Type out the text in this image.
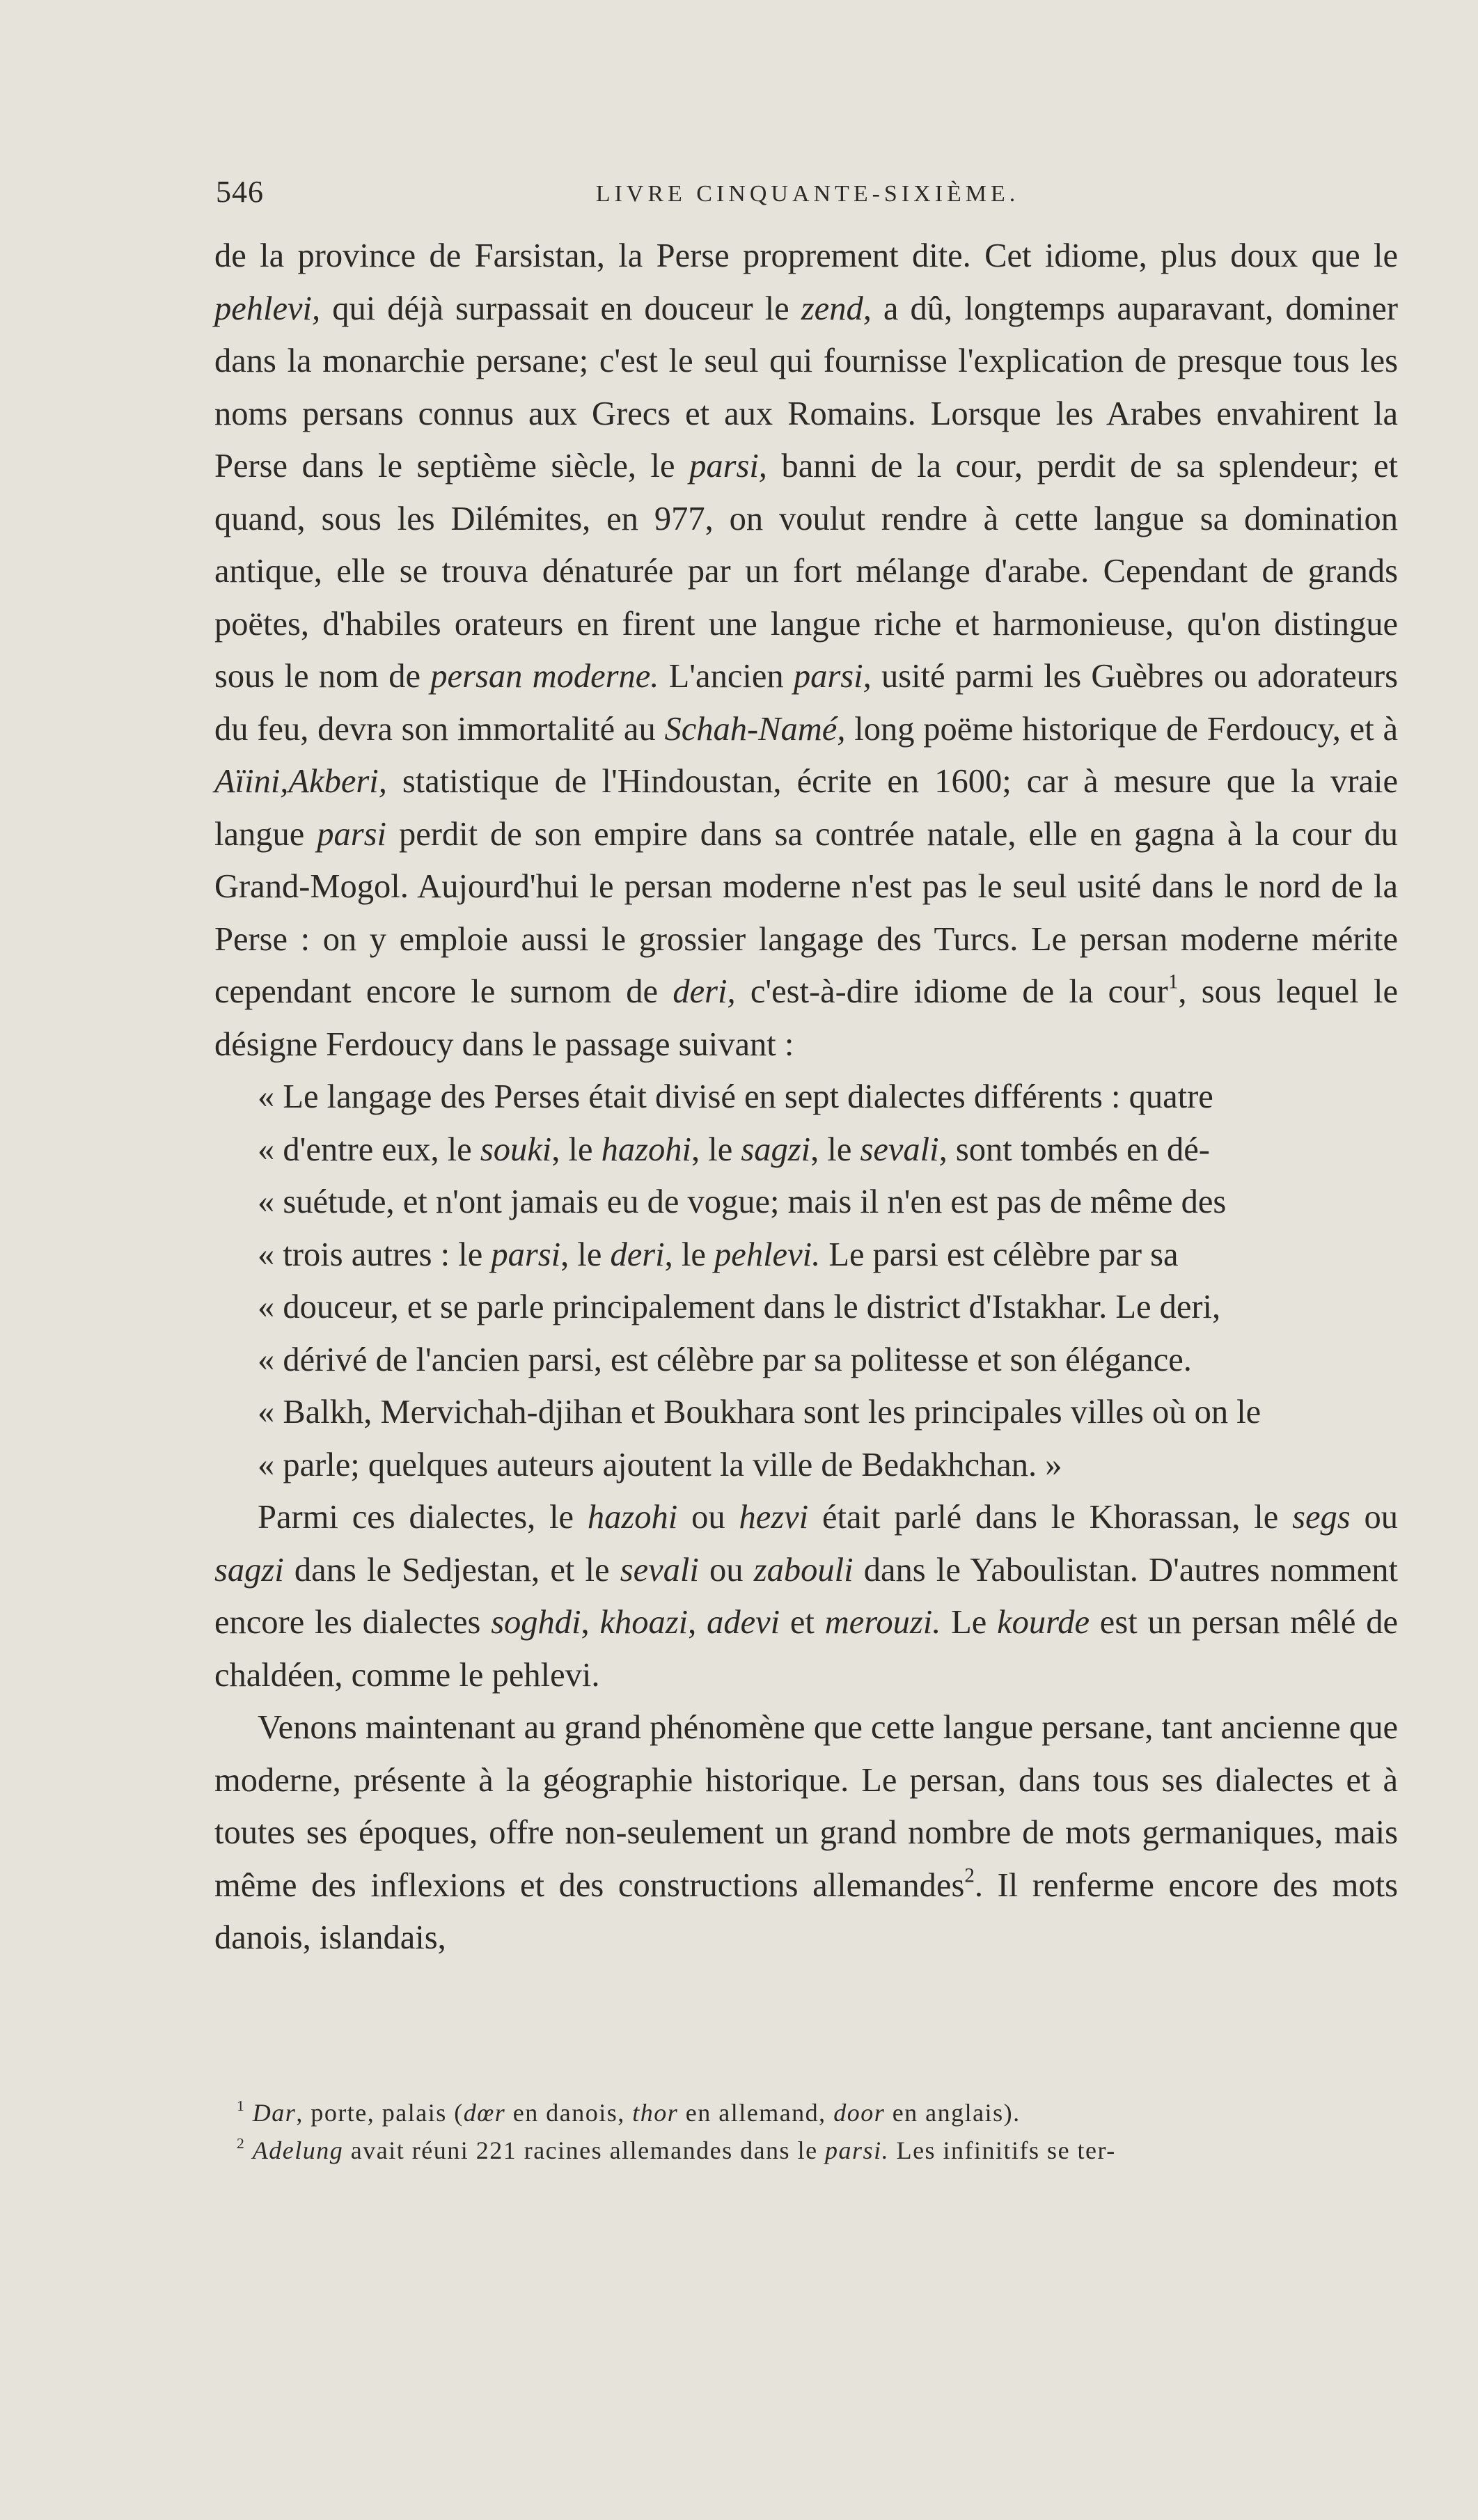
546	LIVRE CINQUANTE-SIXIÈME.

de la province de Farsistan, la Perse proprement dite. Cet idiome, plus doux que le pehlevi, qui déjà surpassait en douceur le zend, a dû, longtemps auparavant, dominer dans la monarchie persane; c'est le seul qui fournisse l'explication de presque tous les noms persans connus aux Grecs et aux Romains. Lorsque les Arabes envahirent la Perse dans le septième siècle, le parsi, banni de la cour, perdit de sa splendeur; et quand, sous les Dilémites, en 977, on voulut rendre à cette langue sa domination antique, elle se trouva dénaturée par un fort mélange d'arabe. Cependant de grands poëtes, d'habiles orateurs en firent une langue riche et harmonieuse, qu'on distingue sous le nom de persan moderne. L'ancien parsi, usité parmi les Guèbres ou adorateurs du feu, devra son immortalité au Schah-Namé, long poëme historique de Ferdoucy, et à Aïini,Akberi, statistique de l'Hindoustan, écrite en 1600; car à mesure que la vraie langue parsi perdit de son empire dans sa contrée natale, elle en gagna à la cour du Grand-Mogol. Aujourd'hui le persan moderne n'est pas le seul usité dans le nord de la Perse : on y emploie aussi le grossier langage des Turcs. Le persan moderne mérite cependant encore le surnom de deri, c'est-à-dire idiome de la cour$^1$, sous lequel le désigne Ferdoucy dans le passage suivant :

« Le langage des Perses était divisé en sept dialectes différents : quatre
« d'entre eux, le souki, le hazohi, le sagzi, le sevali, sont tombés en dé-
« suétude, et n'ont jamais eu de vogue; mais il n'en est pas de même des
« trois autres : le parsi, le deri, le pehlevi. Le parsi est célèbre par sa
« douceur, et se parle principalement dans le district d'Istakhar. Le deri,
« dérivé de l'ancien parsi, est célèbre par sa politesse et son élégance.
« Balkh, Mervichah-djihan et Boukhara sont les principales villes où on le
« parle; quelques auteurs ajoutent la ville de Bedakhchan. »

Parmi ces dialectes, le hazohi ou hezvi était parlé dans le Khorassan, le segs ou sagzi dans le Sedjestan, et le sevali ou zabouli dans le Yaboulistan. D'autres nomment encore les dialectes soghdi, khoazi, adevi et merouzi. Le kourde est un persan mêlé de chaldéen, comme le pehlevi.

Venons maintenant au grand phénomène que cette langue persane, tant ancienne que moderne, présente à la géographie historique. Le persan, dans tous ses dialectes et à toutes ses époques, offre non-seulement un grand nombre de mots germaniques, mais même des inflexions et des constructions allemandes$^2$. Il renferme encore des mots danois, islandais,

$^1$ Dar, porte, palais (dœr en danois, thor en allemand, door en anglais).

$^2$ Adelung avait réuni 221 racines allemandes dans le parsi. Les infinitifs se ter-
